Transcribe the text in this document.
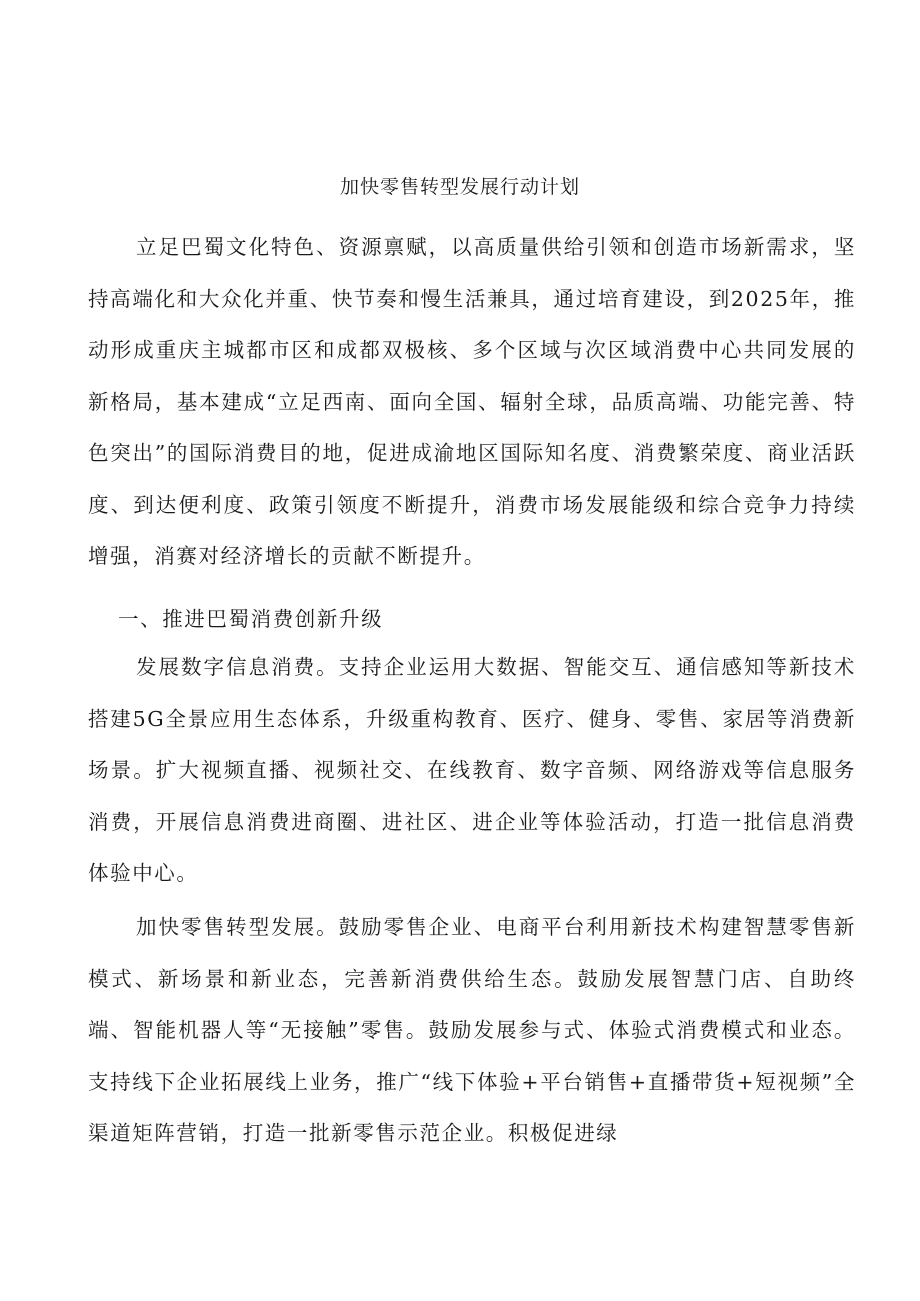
加快零售转型发展行动计划

立足巴蜀文化特色、资源禀赋，以高质量供给引领和创造市场新需求，坚持高端化和大众化并重、快节奏和慢生活兼具，通过培育建设，到2025年，推动形成重庆主城都市区和成都双极核、多个区域与次区域消费中心共同发展的新格局，基本建成“立足西南、面向全国、辐射全球，品质高端、功能完善、特色突出”的国际消费目的地，促进成渝地区国际知名度、消费繁荣度、商业活跃度、到达便利度、政策引领度不断提升，消费市场发展能级和综合竞争力持续增强，消赛对经济增长的贡献不断提升。

一、推进巴蜀消费创新升级

发展数字信息消费。支持企业运用大数据、智能交互、通信感知等新技术搭建5G全景应用生态体系，升级重构教育、医疗、健身、零售、家居等消费新场景。扩大视频直播、视频社交、在线教育、数字音频、网络游戏等信息服务消费，开展信息消费进商圈、进社区、进企业等体验活动，打造一批信息消费体验中心。

加快零售转型发展。鼓励零售企业、电商平台利用新技术构建智慧零售新模式、新场景和新业态，完善新消费供给生态。鼓励发展智慧门店、自助终端、智能机器人等“无接触”零售。鼓励发展参与式、体验式消费模式和业态。支持线下企业拓展线上业务，推广“线下体验+平台销售+直播带货+短视频”全渠道矩阵营销，打造一批新零售示范企业。积极促进绿
